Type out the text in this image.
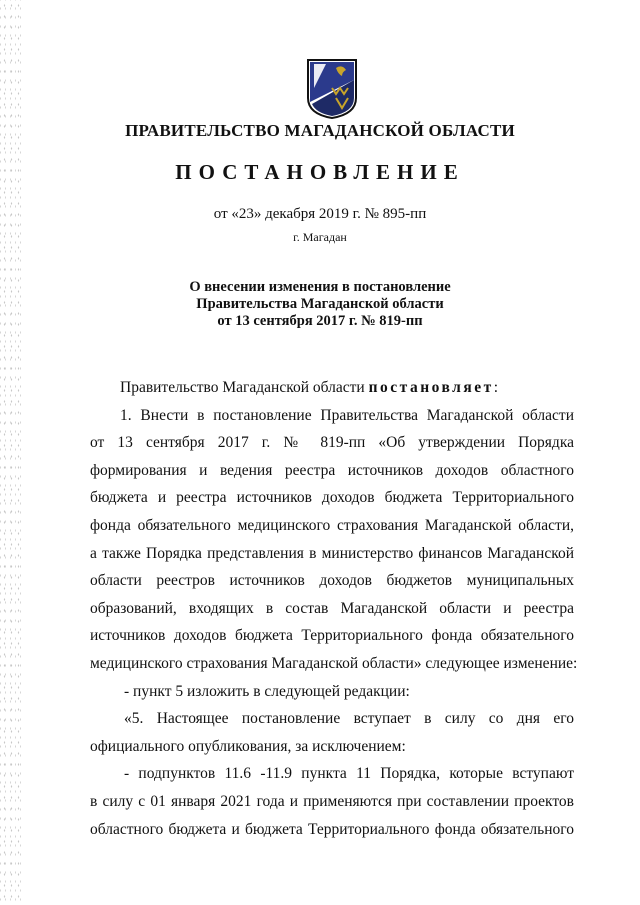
ПРАВИТЕЛЬСТВО МАГАДАНСКОЙ ОБЛАСТИ
ПОСТАНОВЛЕНИЕ
от «23» декабря 2019 г. № 895-пп
г. Магадан
О внесении изменения в постановление
Правительства Магаданской области
от 13 сентября 2017 г. № 819-пп
Правительство Магаданской области постановляет:
1. Внести в постановление Правительства Магаданской области
от 13 сентября 2017 г. № 819-пп «Об утверждении Порядка
формирования и ведения реестра источников доходов областного
бюджета и реестра источников доходов бюджета Территориального
фонда обязательного медицинского страхования Магаданской области,
а также Порядка представления в министерство финансов Магаданской
области реестров источников доходов бюджетов муниципальных
образований, входящих в состав Магаданской области и реестра
источников доходов бюджета Территориального фонда обязательного
медицинского страхования Магаданской области» следующее изменение:
- пункт 5 изложить в следующей редакции:
«5. Настоящее постановление вступает в силу со дня его
официального опубликования, за исключением:
- подпунктов 11.6 -11.9 пункта 11 Порядка, которые вступают
в силу с 01 января 2021 года и применяются при составлении проектов
областного бюджета и бюджета Территориального фонда обязательного
